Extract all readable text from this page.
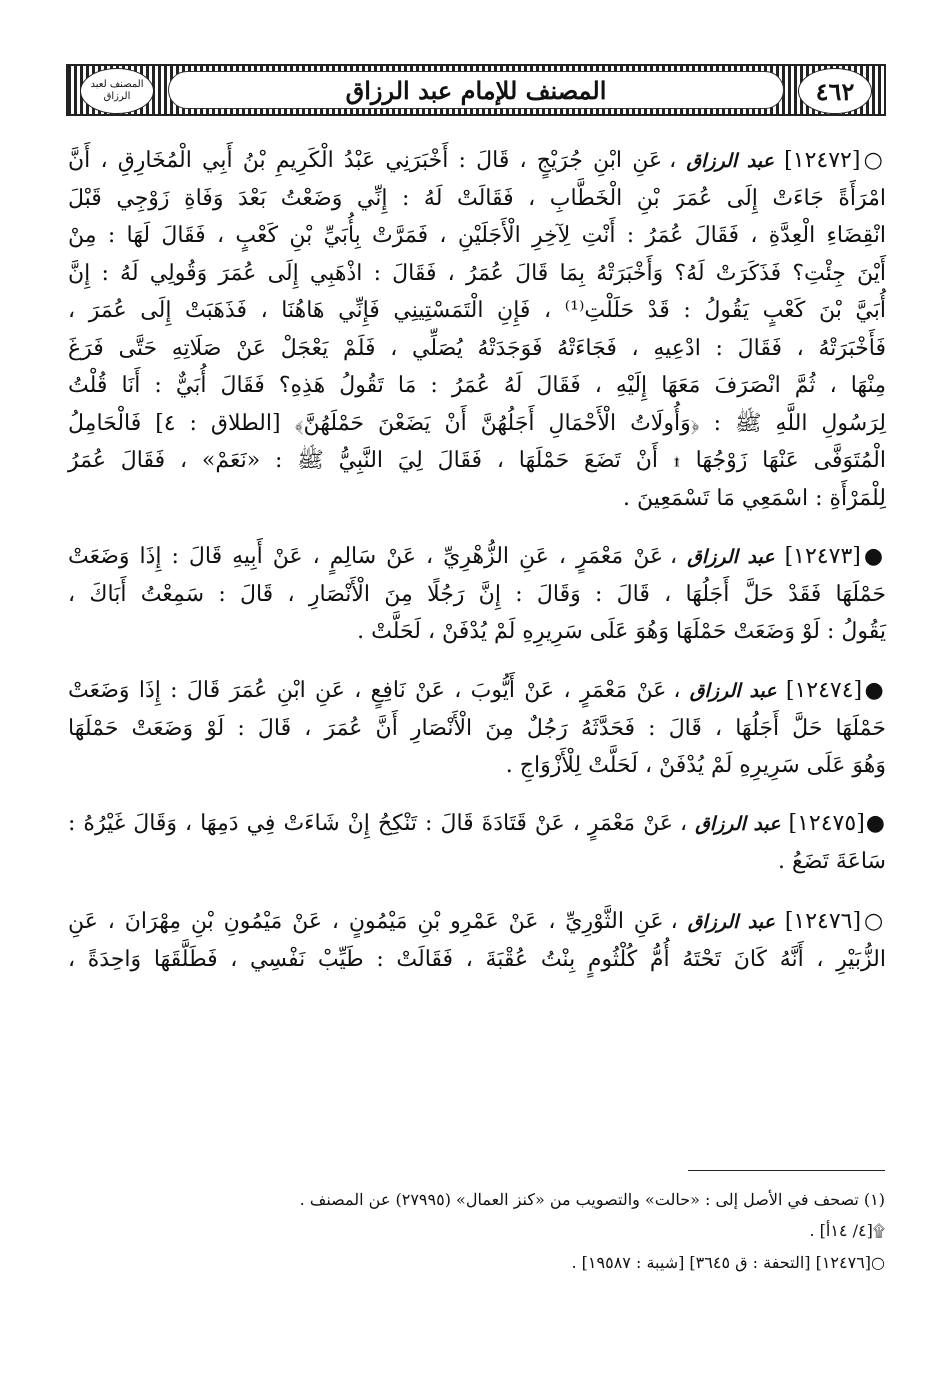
٤٦٢
المصنف للإمام عبد الرزاق
المصنف لعبد الرزاق
○[١٢٤٧٢] عبد الرزاق ، عَنِ ابْنِ جُرَيْجٍ ، قَالَ : أَخْبَرَنِي عَبْدُ الْكَرِيمِ بْنُ أَبِي الْمُخَارِقِ ، أَنَّ
امْرَأَةً جَاءَتْ إِلَى عُمَرَ بْنِ الْخَطَّابِ ، فَقَالَتْ لَهُ : إِنِّي وَضَعْتُ بَعْدَ وَفَاةِ زَوْجِي قَبْلَ
انْقِضَاءِ الْعِدَّةِ ، فَقَالَ عُمَرُ : أَنْتِ لِآخِرِ الْأَجَلَيْنِ ، فَمَرَّتْ بِأُبَيِّ بْنِ كَعْبٍ ، فَقَالَ لَهَا : مِنْ
أَيْنَ جِئْتِ؟ فَذَكَرَتْ لَهُ؟ وَأَخْبَرَتْهُ بِمَا قَالَ عُمَرُ ، فَقَالَ : اذْهَبِي إِلَى عُمَرَ وَقُولِي لَهُ : إِنَّ
أُبَيَّ بْنَ كَعْبٍ يَقُولُ : قَدْ حَلَلْتِ⁽¹⁾ ، فَإِنِ الْتَمَسْتِينِي فَإِنِّي هَاهُنَا ، فَذَهَبَتْ إِلَى عُمَرَ ،
فَأَخْبَرَتْهُ ، فَقَالَ : ادْعِيهِ ، فَجَاءَتْهُ فَوَجَدَتْهُ يُصَلِّي ، فَلَمْ يَعْجَلْ عَنْ صَلَاتِهِ حَتَّى فَرَغَ
مِنْهَا ، ثُمَّ انْصَرَفَ مَعَهَا إِلَيْهِ ، فَقَالَ لَهُ عُمَرُ : مَا تَقُولُ هَذِهِ؟ فَقَالَ أُبَيٌّ : أَنَا قُلْتُ
لِرَسُولِ اللَّهِ ﷺ : ﴿وَأُولَاتُ الْأَحْمَالِ أَجَلُهُنَّ أَنْ يَضَعْنَ حَمْلَهُنَّ﴾ [الطلاق : ٤] فَالْحَامِلُ
الْمُتَوَفَّى عَنْهَا زَوْجُهَا ۩ أَنْ تَضَعَ حَمْلَهَا ، فَقَالَ لِيَ النَّبِيُّ ﷺ : «نَعَمْ» ، فَقَالَ عُمَرُ
لِلْمَرْأَةِ : اسْمَعِي مَا تَسْمَعِينَ .
●[١٢٤٧٣] عبد الرزاق ، عَنْ مَعْمَرٍ ، عَنِ الزُّهْرِيِّ ، عَنْ سَالِمٍ ، عَنْ أَبِيهِ قَالَ : إِذَا وَضَعَتْ
حَمْلَهَا فَقَدْ حَلَّ أَجَلُهَا ، قَالَ : وَقَالَ : إِنَّ رَجُلًا مِنَ الْأَنْصَارِ ، قَالَ : سَمِعْتُ أَبَاكَ ،
يَقُولُ : لَوْ وَضَعَتْ حَمْلَهَا وَهُوَ عَلَى سَرِيرِهِ لَمْ يُدْفَنْ ، لَحَلَّتْ .
●[١٢٤٧٤] عبد الرزاق ، عَنْ مَعْمَرٍ ، عَنْ أَيُّوبَ ، عَنْ نَافِعٍ ، عَنِ ابْنِ عُمَرَ قَالَ : إِذَا وَضَعَتْ
حَمْلَهَا حَلَّ أَجَلُهَا ، قَالَ : فَحَدَّثَهُ رَجُلٌ مِنَ الْأَنْصَارِ أَنَّ عُمَرَ ، قَالَ : لَوْ وَضَعَتْ حَمْلَهَا
وَهُوَ عَلَى سَرِيرِهِ لَمْ يُدْفَنْ ، لَحَلَّتْ لِلْأَزْوَاجِ .
●[١٢٤٧٥] عبد الرزاق ، عَنْ مَعْمَرٍ ، عَنْ قَتَادَةَ قَالَ : تَنْكِحُ إِنْ شَاءَتْ فِي دَمِهَا ، وَقَالَ غَيْرُهُ :
سَاعَةَ تَضَعُ .
○[١٢٤٧٦] عبد الرزاق ، عَنِ الثَّوْرِيِّ ، عَنْ عَمْرِو بْنِ مَيْمُونٍ ، عَنْ مَيْمُونِ بْنِ مِهْرَانَ ، عَنِ
الزُّبَيْرِ ، أَنَّهُ كَانَ تَحْتَهُ أُمُّ كُلْثُومٍ بِنْتُ عُقْبَةَ ، فَقَالَتْ : طَيِّبْ نَفْسِي ، فَطَلَّقَهَا وَاحِدَةً ،
(١) تصحف في الأصل إلى : «حالت» والتصويب من «كنز العمال» (٢٧٩٩٥) عن المصنف .
۩[٤/ ١٤أ] .
○[١٢٤٧٦] [التحفة : ق ٣٦٤٥] [شيبة : ١٩٥٨٧] .
